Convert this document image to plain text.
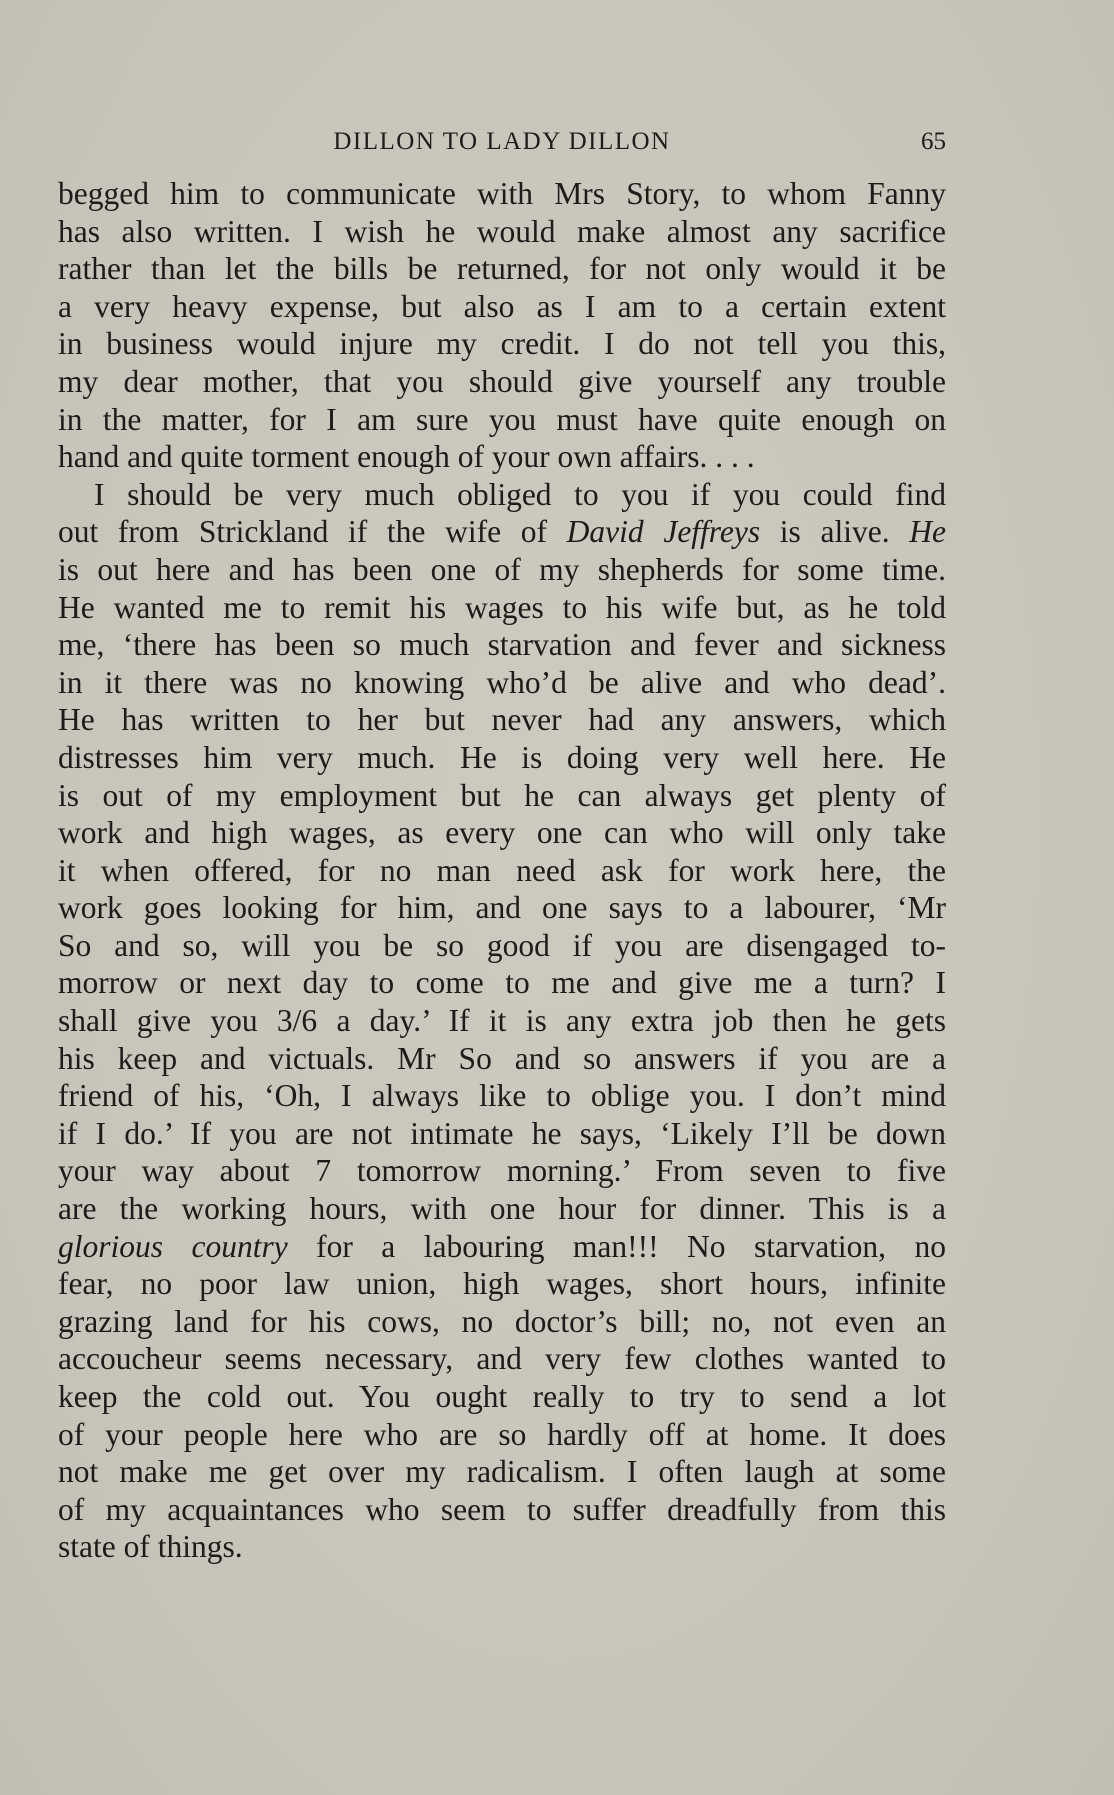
DILLON TO LADY DILLON	65
begged him to communicate with Mrs Story, to whom Fanny
has also written. I wish he would make almost any sacrifice
rather than let the bills be returned, for not only would it be
a very heavy expense, but also as I am to a certain extent
in business would injure my credit. I do not tell you this,
my dear mother, that you should give yourself any trouble
in the matter, for I am sure you must have quite enough on
hand and quite torment enough of your own affairs. . . .
I should be very much obliged to you if you could find
out from Strickland if the wife of David Jeffreys is alive. He
is out here and has been one of my shepherds for some time.
He wanted me to remit his wages to his wife but, as he told
me, ‘there has been so much starvation and fever and sickness
in it there was no knowing who’d be alive and who dead’.
He has written to her but never had any answers, which
distresses him very much. He is doing very well here. He
is out of my employment but he can always get plenty of
work and high wages, as every one can who will only take
it when offered, for no man need ask for work here, the
work goes looking for him, and one says to a labourer, ‘Mr
So and so, will you be so good if you are disengaged to-
morrow or next day to come to me and give me a turn? I
shall give you 3/6 a day.’ If it is any extra job then he gets
his keep and victuals. Mr So and so answers if you are a
friend of his, ‘Oh, I always like to oblige you. I don’t mind
if I do.’ If you are not intimate he says, ‘Likely I’ll be down
your way about 7 tomorrow morning.’ From seven to five
are the working hours, with one hour for dinner. This is a
glorious country for a labouring man!!! No starvation, no
fear, no poor law union, high wages, short hours, infinite
grazing land for his cows, no doctor’s bill; no, not even an
accoucheur seems necessary, and very few clothes wanted to
keep the cold out. You ought really to try to send a lot
of your people here who are so hardly off at home. It does
not make me get over my radicalism. I often laugh at some
of my acquaintances who seem to suffer dreadfully from this
state of things.
